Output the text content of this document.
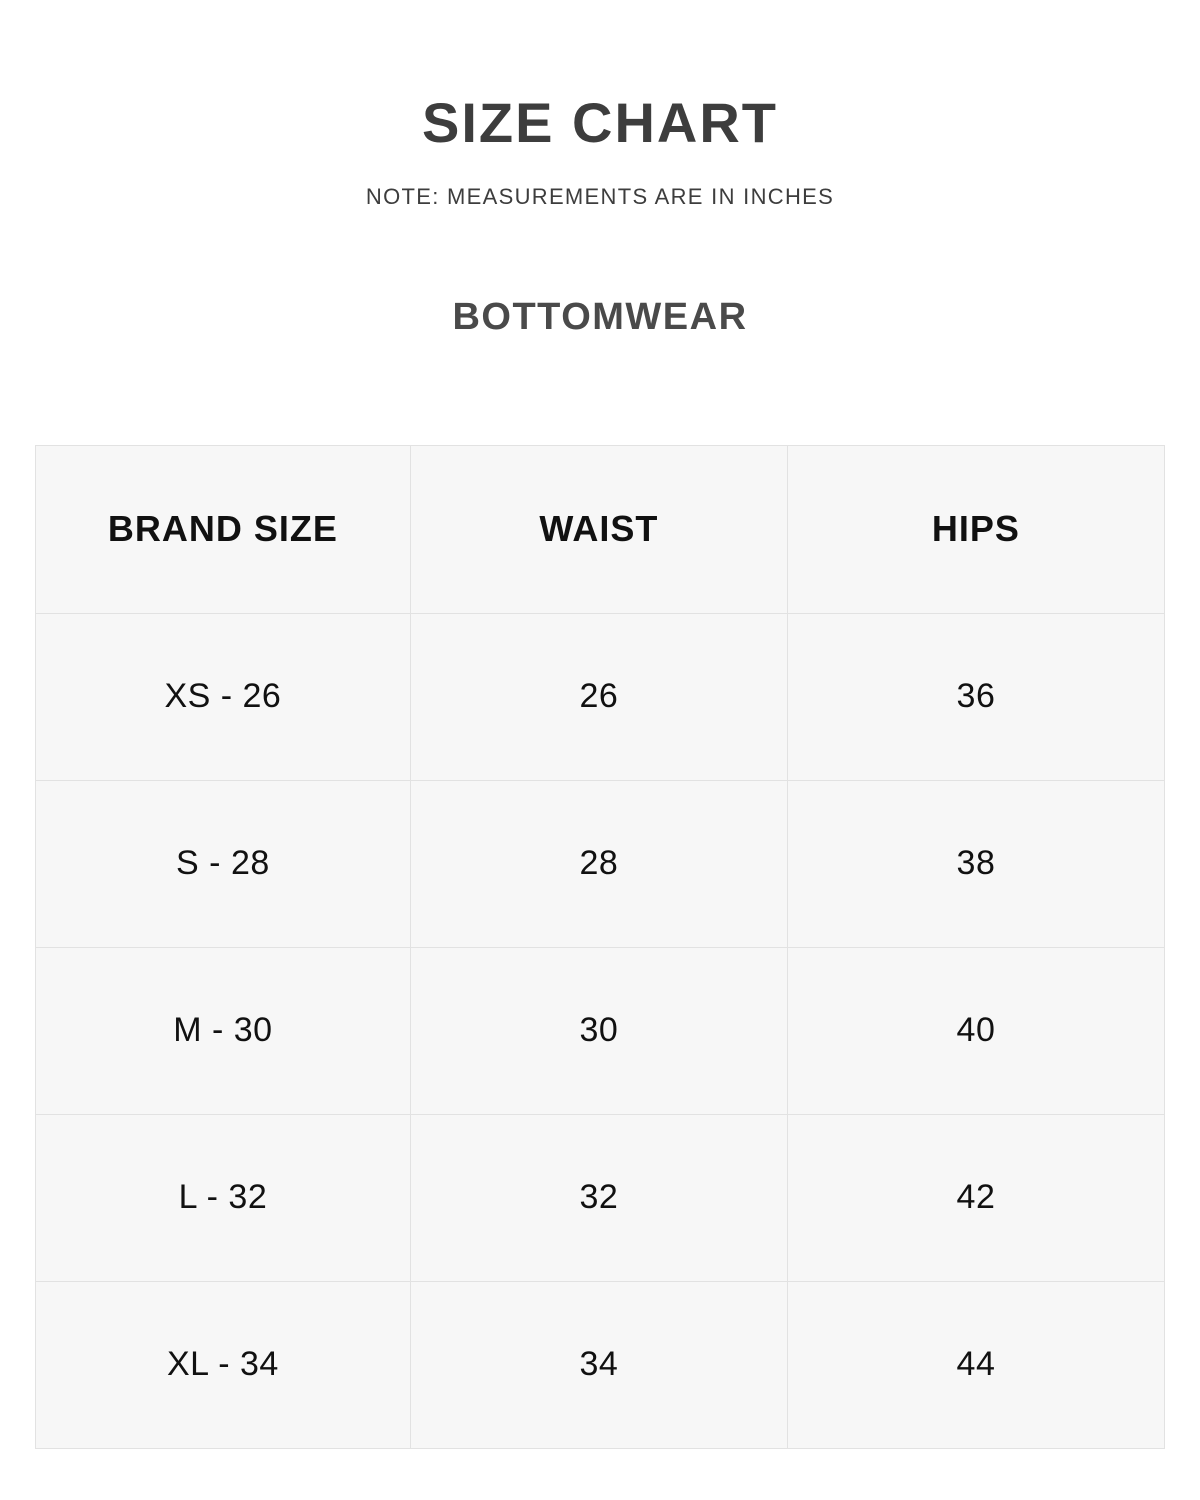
SIZE CHART
NOTE: MEASUREMENTS ARE IN INCHES
BOTTOMWEAR
BRAND SIZE	WAIST	HIPS
XS - 26	26	36
S - 28	28	38
M - 30	30	40
L - 32	32	42
XL - 34	34	44
